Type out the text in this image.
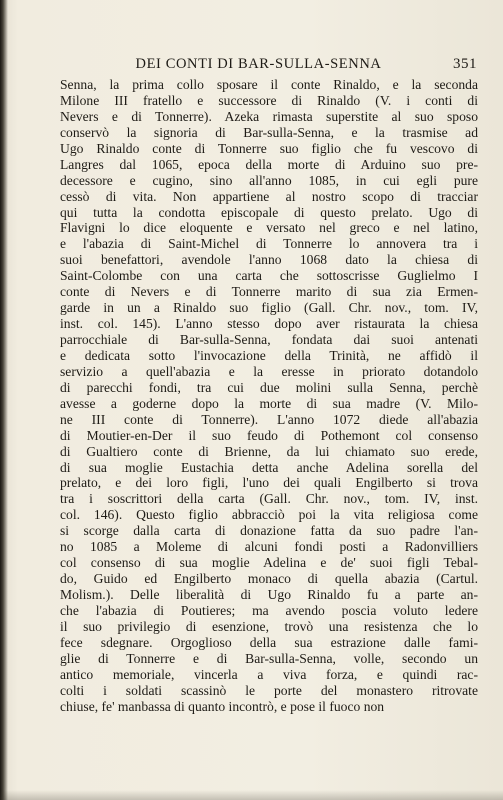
DEI CONTI DI BAR-SULLA-SENNA	351
Senna, la prima collo sposare il conte Rinaldo, e la seconda
Milone III fratello e successore di Rinaldo (V. i conti di
Nevers e di Tonnerre). Azeka rimasta superstite al suo sposo
conservò la signoria di Bar-sulla-Senna, e la trasmise ad
Ugo Rinaldo conte di Tonnerre suo figlio che fu vescovo di
Langres dal 1065, epoca della morte di Arduino suo pre-
decessore e cugino, sino all'anno 1085, in cui egli pure
cessò di vita. Non appartiene al nostro scopo di tracciar
qui tutta la condotta episcopale di questo prelato. Ugo di
Flavigni lo dice eloquente e versato nel greco e nel latino,
e l'abazia di Saint-Michel di Tonnerre lo annovera tra i
suoi benefattori, avendole l'anno 1068 dato la chiesa di
Saint-Colombe con una carta che sottoscrisse Guglielmo I
conte di Nevers e di Tonnerre marito di sua zia Ermen-
garde in un a Rinaldo suo figlio (Gall. Chr. nov., tom. IV,
inst. col. 145). L'anno stesso dopo aver ristaurata la chiesa
parrocchiale di Bar-sulla-Senna, fondata dai suoi antenati
e dedicata sotto l'invocazione della Trinità, ne affidò il
servizio a quell'abazia e la eresse in priorato dotandolo
di parecchi fondi, tra cui due molini sulla Senna, perchè
avesse a goderne dopo la morte di sua madre (V. Milo-
ne III conte di Tonnerre). L'anno 1072 diede all'abazia
di Moutier-en-Der il suo feudo di Pothemont col consenso
di Gualtiero conte di Brienne, da lui chiamato suo erede,
di sua moglie Eustachia detta anche Adelina sorella del
prelato, e dei loro figli, l'uno dei quali Engilberto si trova
tra i soscrittori della carta (Gall. Chr. nov., tom. IV, inst.
col. 146). Questo figlio abbracciò poi la vita religiosa come
si scorge dalla carta di donazione fatta da suo padre l'an-
no 1085 a Moleme di alcuni fondi posti a Radonvilliers
col consenso di sua moglie Adelina e de' suoi figli Tebal-
do, Guido ed Engilberto monaco di quella abazia (Cartul.
Molism.). Delle liberalità di Ugo Rinaldo fu a parte an-
che l'abazia di Poutieres; ma avendo poscia voluto ledere
il suo privilegio di esenzione, trovò una resistenza che lo
fece sdegnare. Orgoglioso della sua estrazione dalle fami-
glie di Tonnerre e di Bar-sulla-Senna, volle, secondo un
antico memoriale, vincerla a viva forza, e quindi rac-
colti i soldati scassinò le porte del monastero ritrovate
chiuse, fe' manbassa di quanto incontrò, e pose il fuoco non
